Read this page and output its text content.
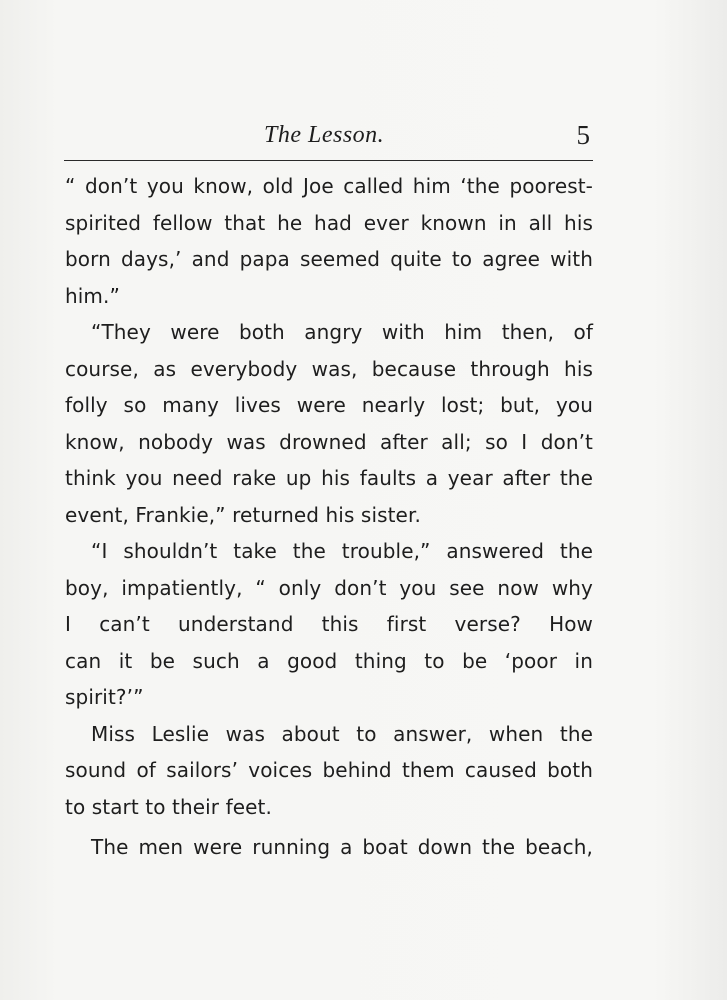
The Lesson.	5
“ don’t you know, old Joe called him ‘the poorest-
spirited fellow that he had ever known in all his
born days,’ and papa seemed quite to agree with
him.”
“They were both angry with him then, of
course, as everybody was, because through his
folly so many lives were nearly lost; but, you
know, nobody was drowned after all; so I don’t
think you need rake up his faults a year after the
event, Frankie,” returned his sister.
“I shouldn’t take the trouble,” answered the
boy, impatiently, “ only don’t you see now why
I can’t understand this first verse? How
can it be such a good thing to be ‘poor in
spirit?’”
Miss Leslie was about to answer, when the
sound of sailors’ voices behind them caused both
to start to their feet.
The men were running a boat down the beach,
